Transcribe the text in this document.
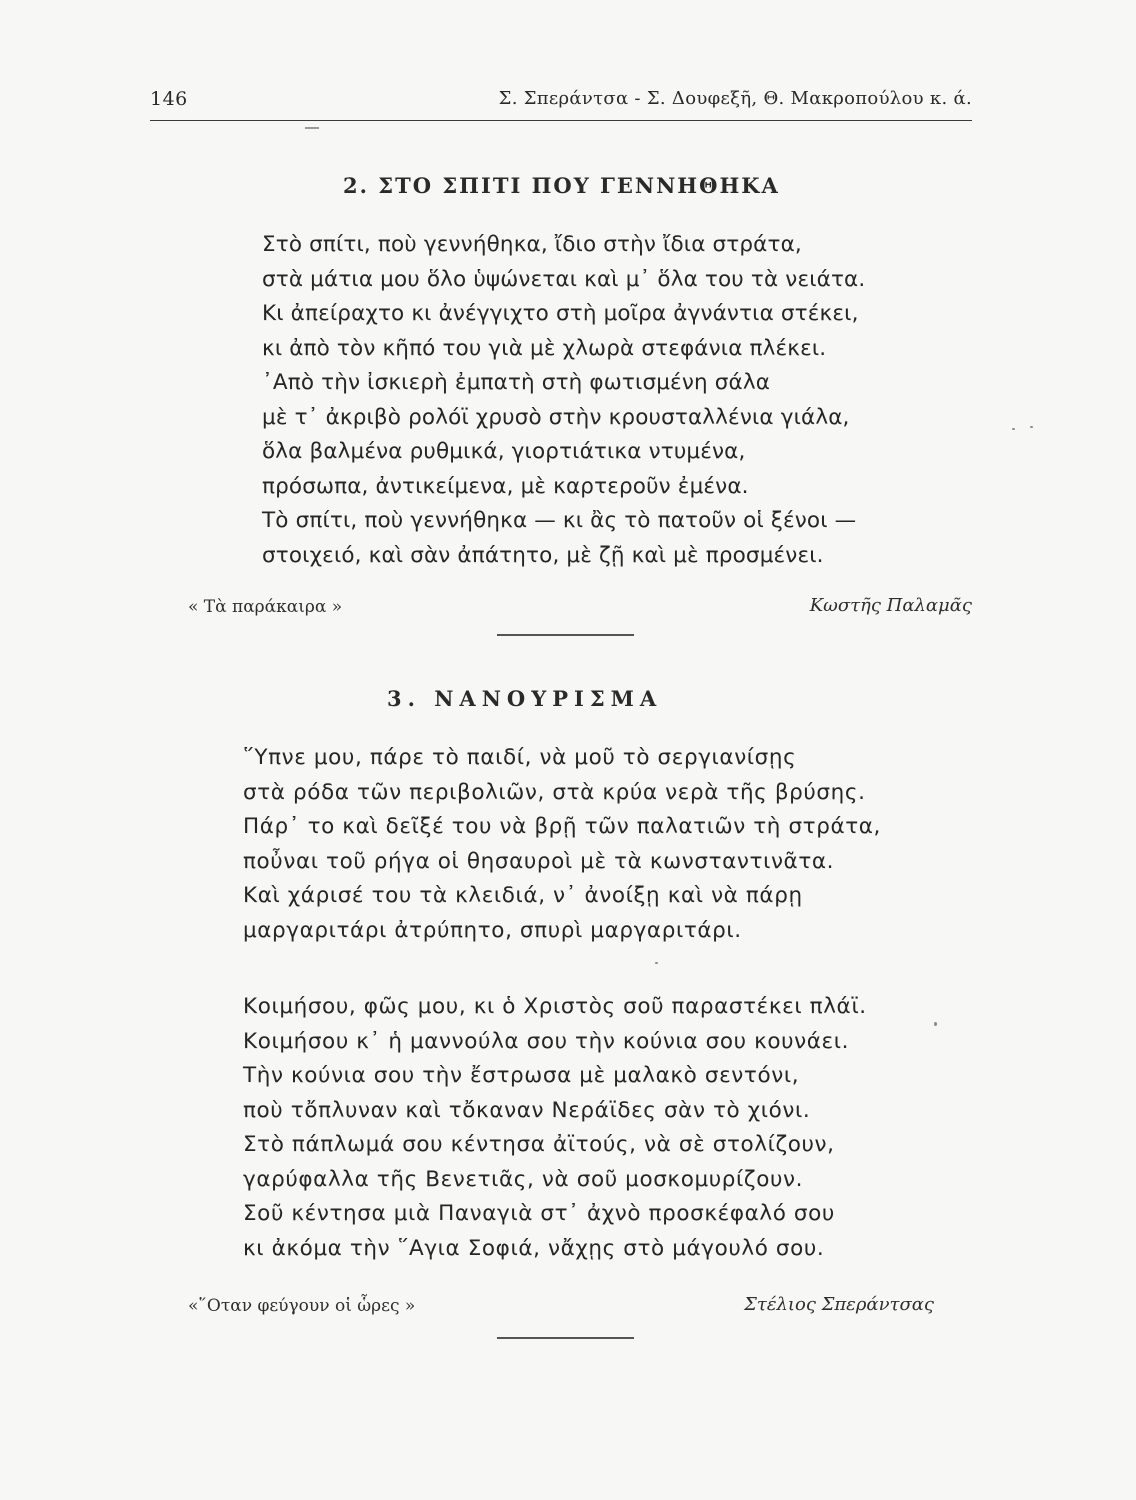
146	Σ. Σπεράντσα - Σ. Δουφεξῆ, Θ. Μακροπούλου κ. ά.
2. ΣΤΟ ΣΠΙΤΙ ΠΟΥ ΓΕΝΝΗΘΗΚΑ
Στὸ σπίτι, ποὺ γεννήθηκα, ἴδιο στὴν ἴδια στράτα,
στὰ μάτια μου ὅλο ὑψώνεται καὶ μ᾽ ὅλα του τὰ νειάτα.
Κι ἀπείραχτο κι ἀνέγγιχτο στὴ μοῖρα ἀγνάντια στέκει,
κι ἀπὸ τὸν κῆπό του γιὰ μὲ χλωρὰ στεφάνια πλέκει.
᾽Απὸ τὴν ἰσκιερὴ ἐμπατὴ στὴ φωτισμένη σάλα
μὲ τ᾽ ἀκριβὸ ρολόϊ χρυσὸ στὴν κρουσταλλένια γιάλα,
ὅλα βαλμένα ρυθμικά, γιορτιάτικα ντυμένα,
πρόσωπα, ἀντικείμενα, μὲ καρτεροῦν ἐμένα.
Τὸ σπίτι, ποὺ γεννήθηκα — κι ἂς τὸ πατοῦν οἱ ξένοι —
στοιχειό, καὶ σὰν ἀπάτητο, μὲ ζῇ καὶ μὲ προσμένει.
« Τὰ παράκαιρα »	Κωστῆς Παλαμᾶς
3. ΝΑΝΟΥΡΙΣΜΑ
῞Υπνε μου, πάρε τὸ παιδί, νὰ μοῦ τὸ σεργιανίσῃς
στὰ ρόδα τῶν περιβολιῶν, στὰ κρύα νερὰ τῆς βρύσης.
Πάρ᾽ το καὶ δεῖξέ του νὰ βρῇ τῶν παλατιῶν τὴ στράτα,
ποὖναι τοῦ ρήγα οἱ θησαυροὶ μὲ τὰ κωνσταντινᾶτα.
Καὶ χάρισέ του τὰ κλειδιά, ν᾽ ἀνοίξῃ καὶ νὰ πάρῃ
μαργαριτάρι ἀτρύπητο, σπυρὶ μαργαριτάρι.
Κοιμήσου, φῶς μου, κι ὁ Χριστὸς σοῦ παραστέκει πλάϊ.
Κοιμήσου κ᾽ ἡ μαννούλα σου τὴν κούνια σου κουνάει.
Τὴν κούνια σου τὴν ἔστρωσα μὲ μαλακὸ σεντόνι,
ποὺ τὄπλυναν καὶ τὄκαναν Νεράϊδες σὰν τὸ χιόνι.
Στὸ πάπλωμά σου κέντησα ἀϊτούς, νὰ σὲ στολίζουν,
γαρύφαλλα τῆς Βενετιᾶς, νὰ σοῦ μοσκομυρίζουν.
Σοῦ κέντησα μιὰ Παναγιὰ στ᾽ ἀχνὸ προσκέφαλό σου
κι ἀκόμα τὴν ῞Αγια Σοφιά, νἄχῃς στὸ μάγουλό σου.
«῞Οταν φεύγουν οἱ ὧρες »	Στέλιος Σπεράντσας
